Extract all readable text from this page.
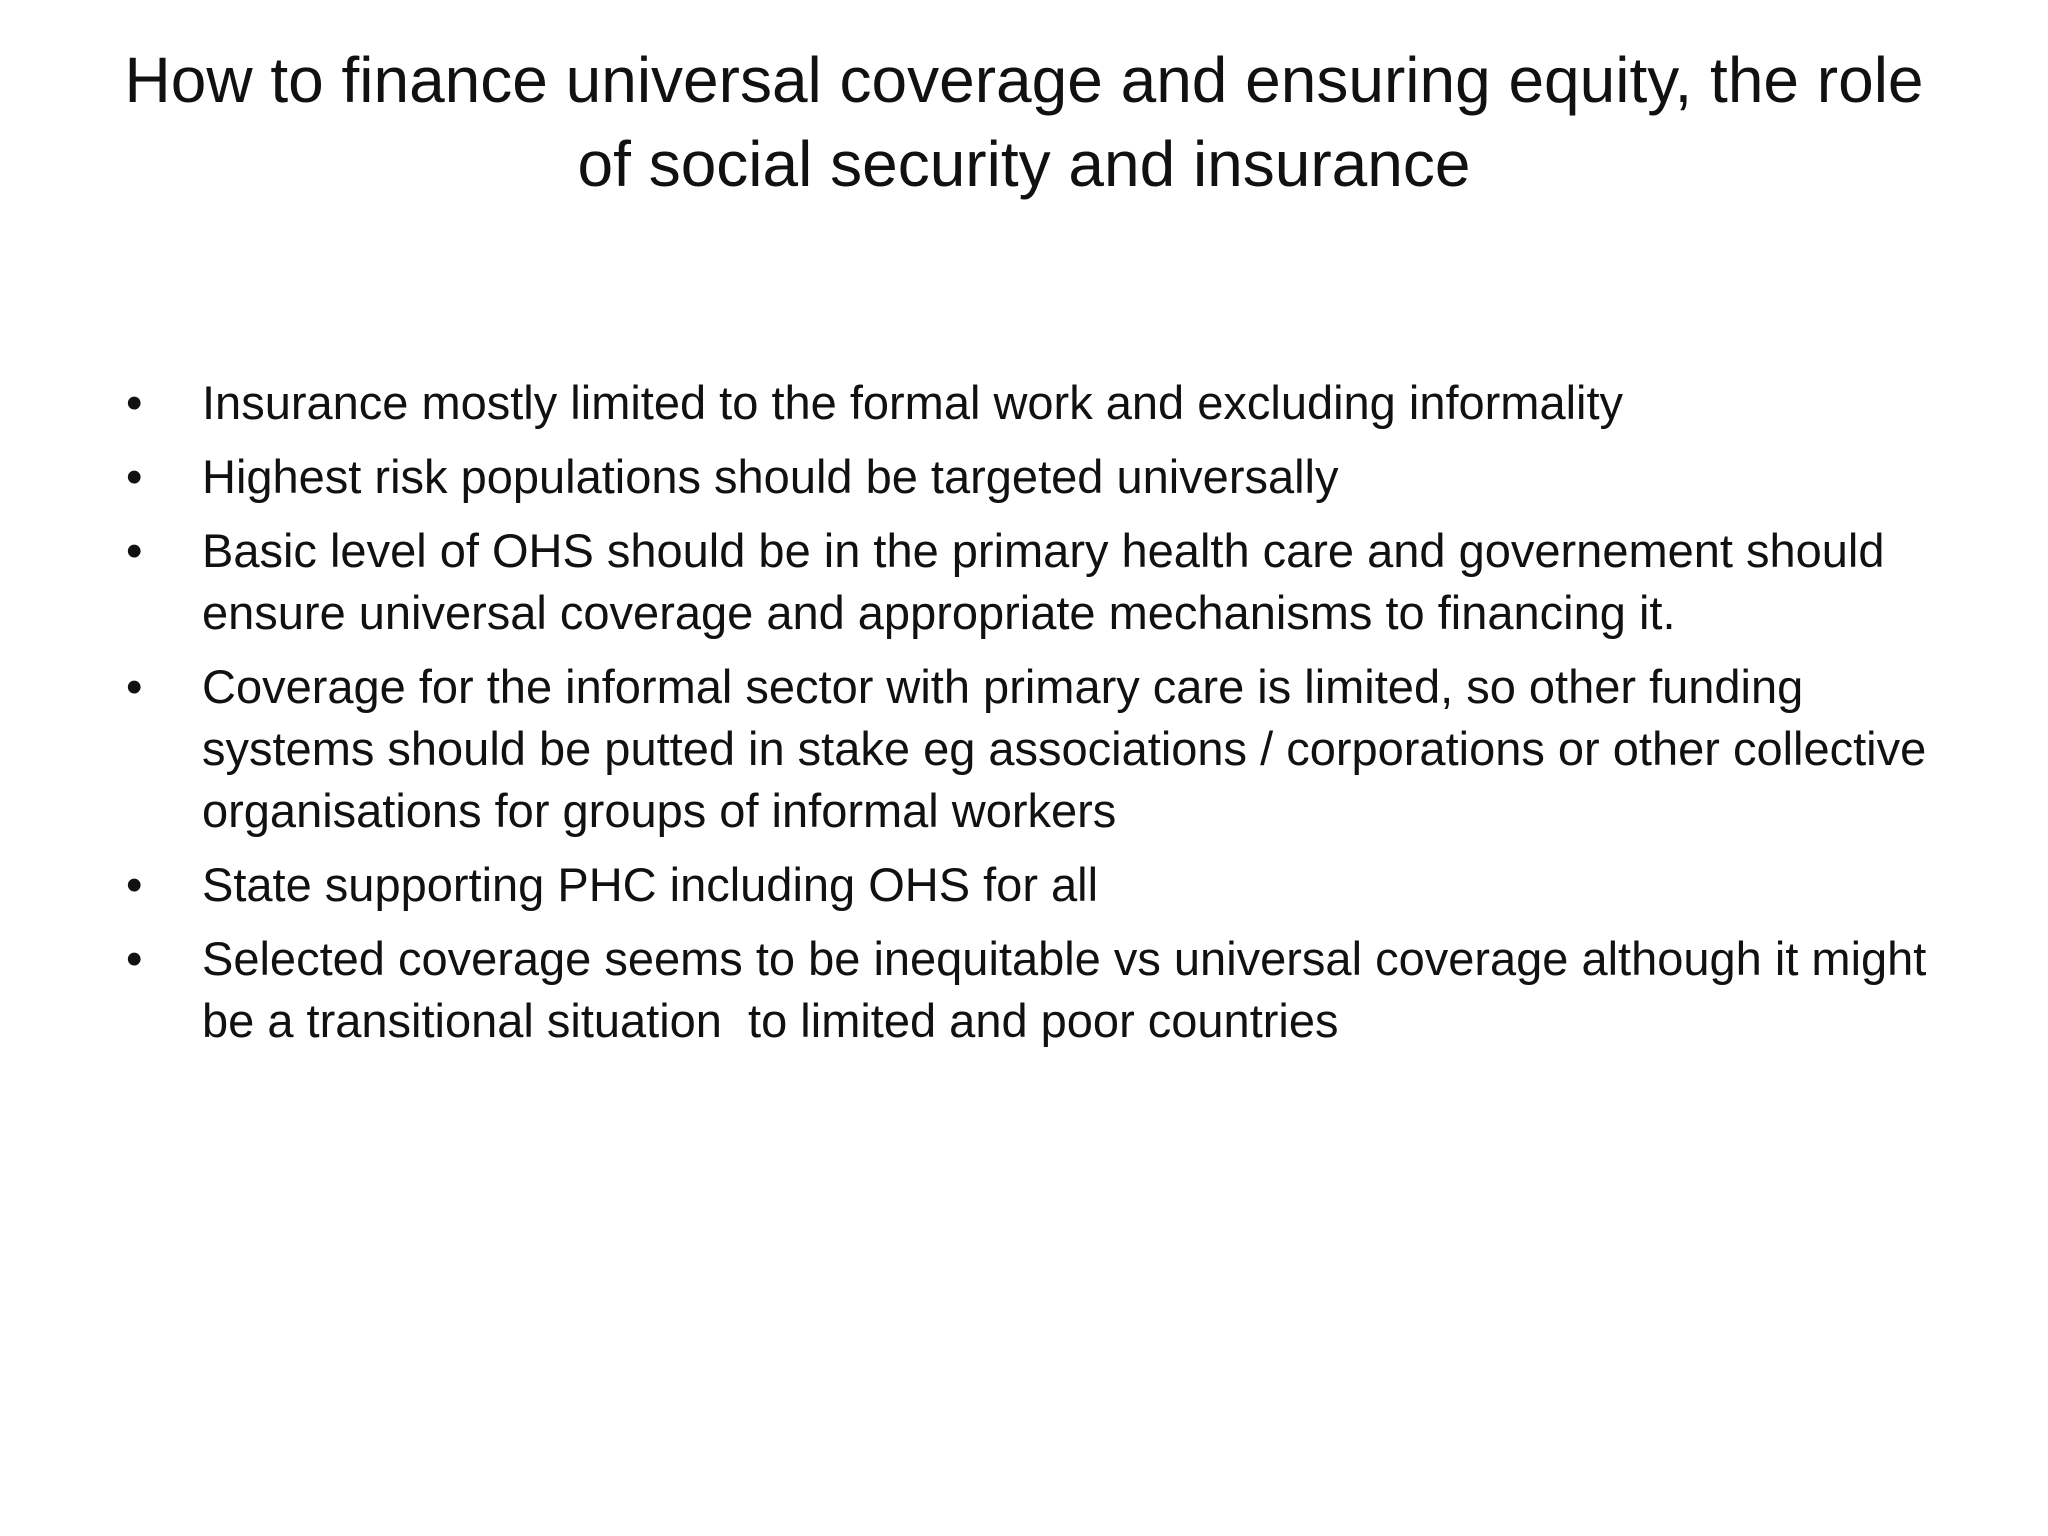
How to finance universal coverage and ensuring equity, the role of social security and insurance
•	Insurance mostly limited to the formal work and excluding informality
•	Highest risk populations should be targeted universally
•	Basic level of OHS should be in the primary health care and governement should ensure universal coverage and appropriate mechanisms to financing it.
•	Coverage for the informal sector with primary care is limited, so other funding systems should be putted in stake eg associations / corporations or other collective organisations for groups of informal workers
•	State supporting PHC including OHS for all
•	Selected coverage seems to be inequitable vs universal coverage although it might be a transitional situation  to limited and poor countries
